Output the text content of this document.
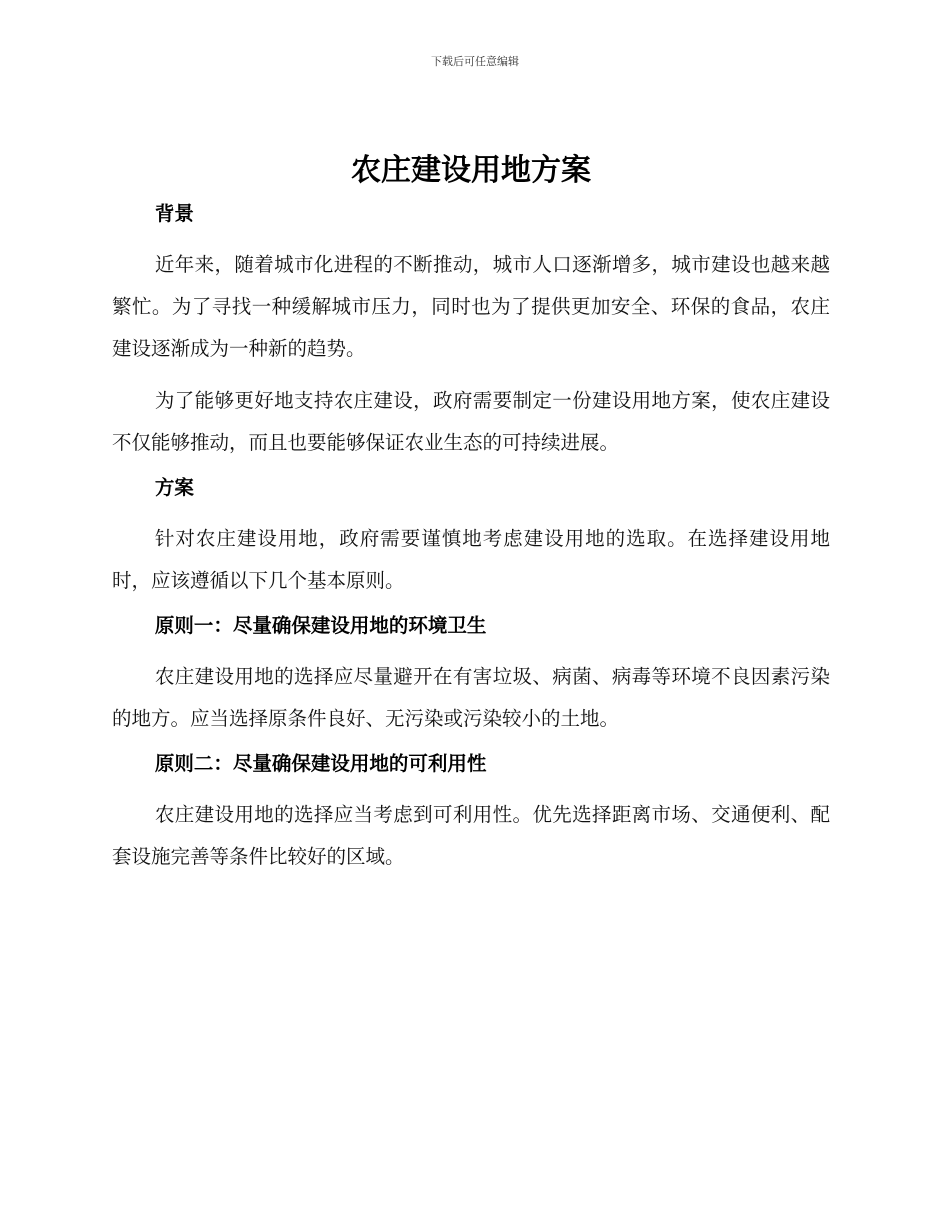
下载后可任意编辑
农庄建设用地方案
背景

近年来，随着城市化进程的不断推动，城市人口逐渐增多，城市建设也越来越繁忙。为了寻找一种缓解城市压力，同时也为了提供更加安全、环保的食品，农庄建设逐渐成为一种新的趋势。

为了能够更好地支持农庄建设，政府需要制定一份建设用地方案，使农庄建设不仅能够推动，而且也要能够保证农业生态的可持续进展。

方案

针对农庄建设用地，政府需要谨慎地考虑建设用地的选取。在选择建设用地时，应该遵循以下几个基本原则。

原则一：尽量确保建设用地的环境卫生

农庄建设用地的选择应尽量避开在有害垃圾、病菌、病毒等环境不良因素污染的地方。应当选择原条件良好、无污染或污染较小的土地。

原则二：尽量确保建设用地的可利用性

农庄建设用地的选择应当考虑到可利用性。优先选择距离市场、交通便利、配套设施完善等条件比较好的区域。
